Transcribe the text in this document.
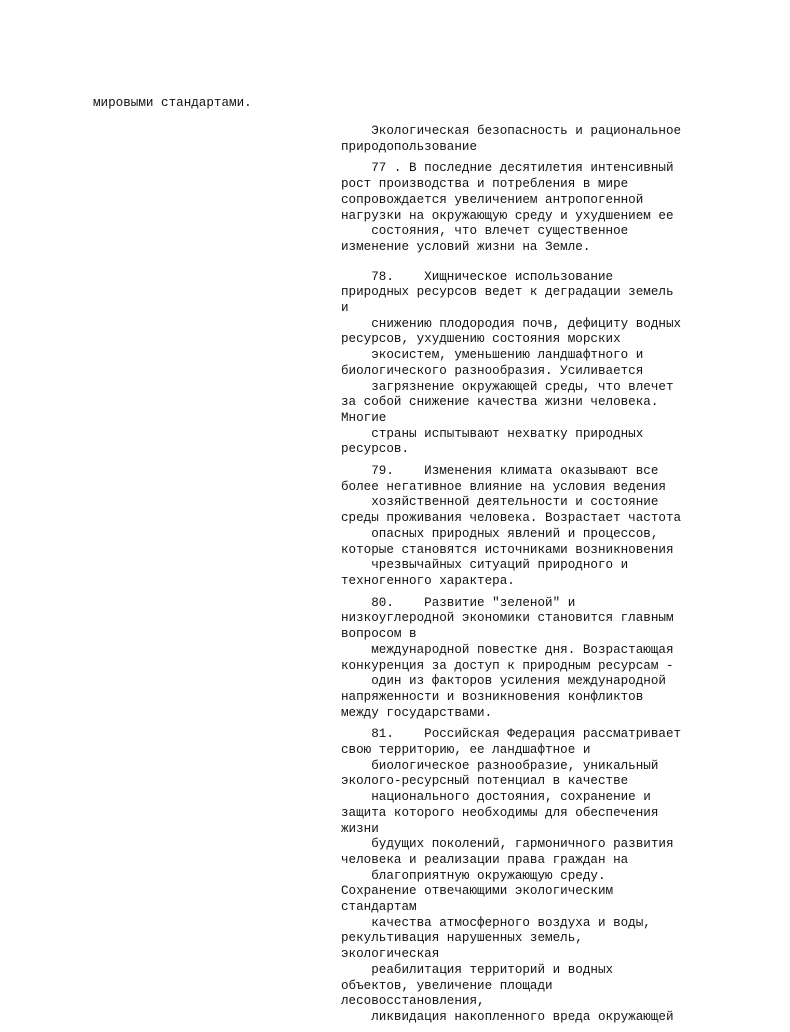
мировыми стандартами.

Экологическая безопасность и рациональное
природопользование
77 . В последние десятилетия интенсивный
рост производства и потребления в мире
сопровождается увеличением антропогенной
нагрузки на окружающую среду и ухудшением ее
состояния, что влечет существенное
изменение условий жизни на Земле.
78.    Хищническое использование
природных ресурсов ведет к деградации земель
и
снижению плодородия почв, дефициту водных
ресурсов, ухудшению состояния морских
экосистем, уменьшению ландшафтного и
биологического разнообразия. Усиливается
загрязнение окружающей среды, что влечет
за собой снижение качества жизни человека.
Многие
страны испытывают нехватку природных
ресурсов.
79.    Изменения климата оказывают все
более негативное влияние на условия ведения
хозяйственной деятельности и состояние
среды проживания человека. Возрастает частота
опасных природных явлений и процессов,
которые становятся источниками возникновения
чрезвычайных ситуаций природного и
техногенного характера.
80.    Развитие "зеленой" и
низкоуглеродной экономики становится главным
вопросом в
международной повестке дня. Возрастающая
конкуренция за доступ к природным ресурсам -
один из факторов усиления международной
напряженности и возникновения конфликтов
между государствами.
81.    Российская Федерация рассматривает
свою территорию, ее ландшафтное и
биологическое разнообразие, уникальный
эколого-ресурсный потенциал в качестве
национального достояния, сохранение и
защита которого необходимы для обеспечения
жизни
будущих поколений, гармоничного развития
человека и реализации права граждан на
благоприятную окружающую среду.
Сохранение отвечающими экологическим
стандартам
качества атмосферного воздуха и воды,
рекультивация нарушенных земель,
экологическая
реабилитация территорий и водных
объектов, увеличение площади
лесовосстановления,
ликвидация накопленного вреда окружающей
